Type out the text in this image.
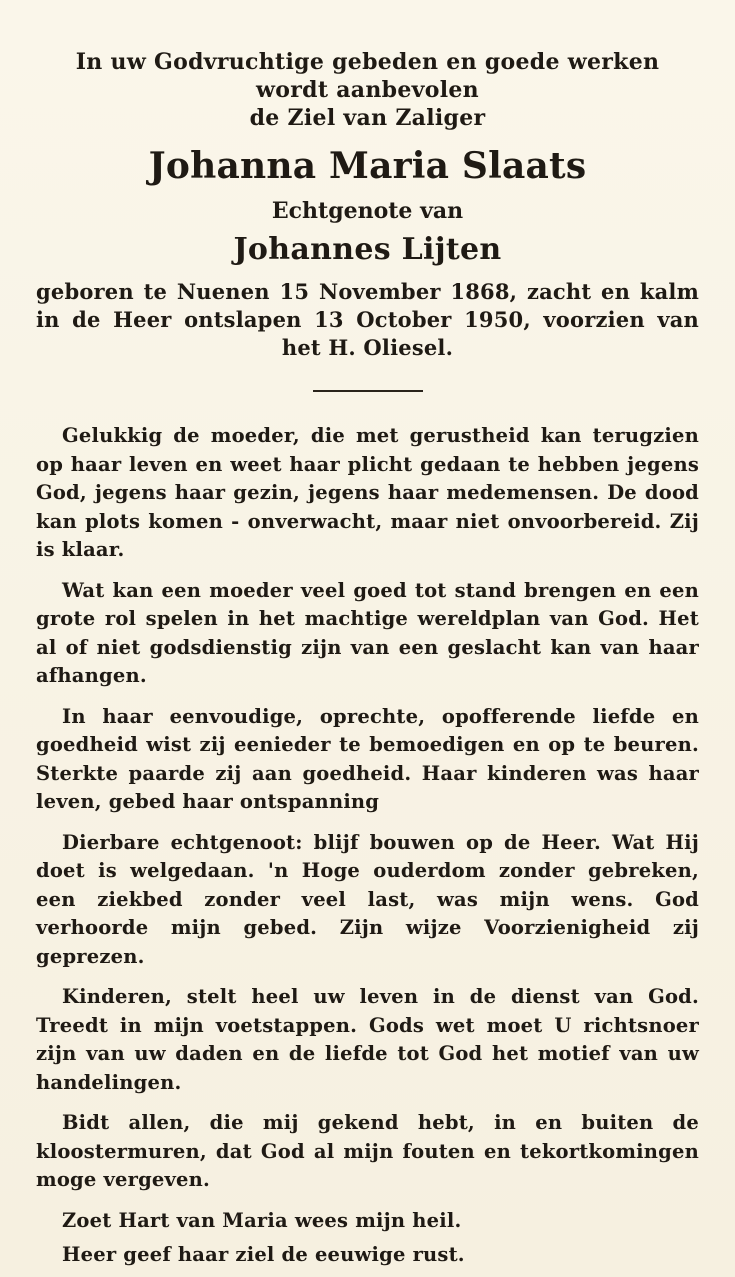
In uw Godvruchtige gebeden en goede werken
wordt aanbevolen
de Ziel van Zaliger
Johanna Maria Slaats
Echtgenote van
Johannes Lijten
geboren te Nuenen 15 November 1868, zacht en kalm in de Heer ontslapen 13 October 1950, voorzien van het H. Oliesel.

Gelukkig de moeder, die met gerustheid kan terugzien op haar leven en weet haar plicht gedaan te hebben jegens God, jegens haar gezin, jegens haar medemensen. De dood kan plots komen - onverwacht, maar niet onvoorbereid. Zij is klaar.

Wat kan een moeder veel goed tot stand brengen en een grote rol spelen in het machtige wereldplan van God. Het al of niet godsdienstig zijn van een geslacht kan van haar afhangen.

In haar eenvoudige, oprechte, opofferende liefde en goedheid wist zij eenieder te bemoedigen en op te beuren. Sterkte paarde zij aan goedheid. Haar kinderen was haar leven, gebed haar ontspanning

Dierbare echtgenoot: blijf bouwen op de Heer. Wat Hij doet is welgedaan. 'n Hoge ouderdom zonder gebreken, een ziekbed zonder veel last, was mijn wens. God verhoorde mijn gebed. Zijn wijze Voorzienigheid zij geprezen.

Kinderen, stelt heel uw leven in de dienst van God. Treedt in mijn voetstappen. Gods wet moet U richtsnoer zijn van uw daden en de liefde tot God het motief van uw handelingen.

Bidt allen, die mij gekend hebt, in en buiten de kloostermuren, dat God al mijn fouten en tekortkomingen moge vergeven.

Zoet Hart van Maria wees mijn heil.

Heer geef haar ziel de eeuwige rust.
